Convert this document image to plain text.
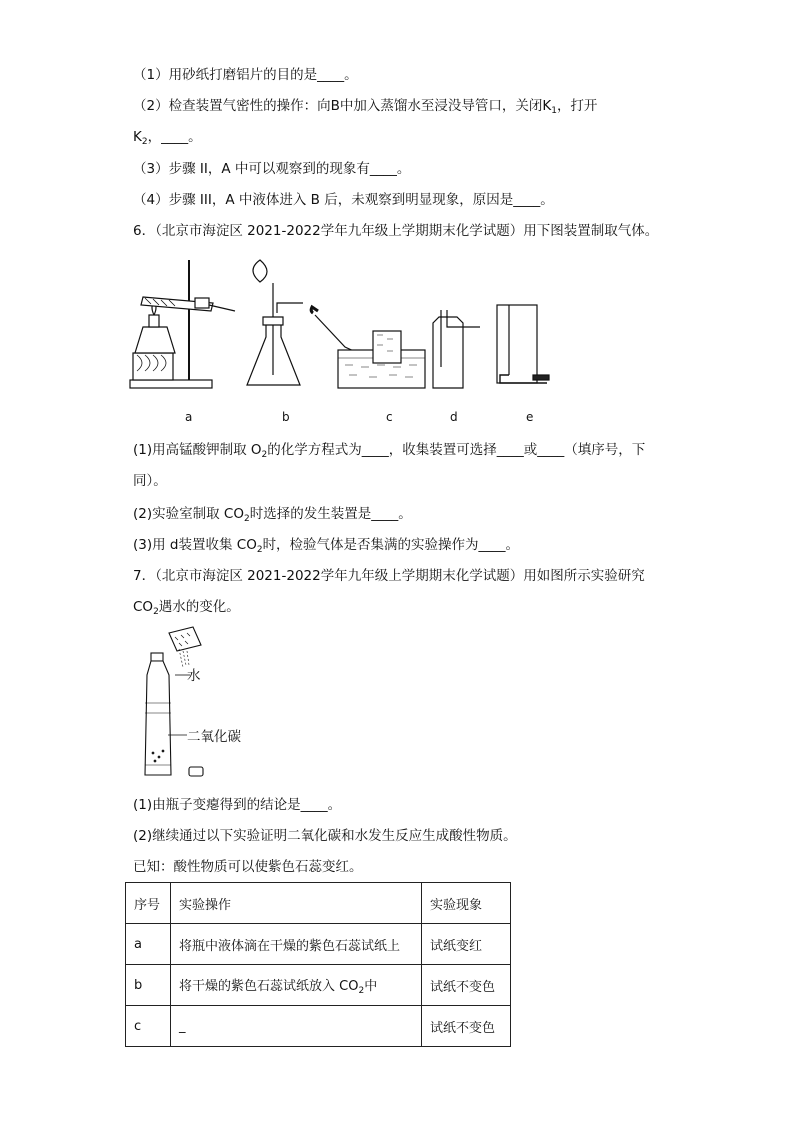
（1）用砂纸打磨铝片的目的是____。
（2）检查装置气密性的操作：向B中加入蒸馏水至浸没导管口，关闭$K_1$，打开
$K_2$，____。
（3）步骤 II，A 中可以观察到的现象有____。
（4）步骤 III，A 中液体进入 B 后，未观察到明显现象，原因是____。
6．（北京市海淀区 2021-2022学年九年级上学期期末化学试题）用下图装置制取气体。
a	b	c	d	e
(1)用高锰酸钾制取 $O_2$的化学方程式为____，收集装置可选择____或____（填序号，下
同）。
(2)实验室制取 $CO_2$时选择的发生装置是____。
(3)用 d装置收集 $CO_2$时，检验气体是否集满的实验操作为____。
7．（北京市海淀区 2021-2022学年九年级上学期期末化学试题）用如图所示实验研究
$CO_2$遇水的变化。
水
二氧化碳
(1)由瓶子变瘪得到的结论是____。
(2)继续通过以下实验证明二氧化碳和水发生反应生成酸性物质。
已知：酸性物质可以使紫色石蕊变红。
序号	实验操作	实验现象
a	将瓶中液体滴在干燥的紫色石蕊试纸上	试纸变红
b	将干燥的紫色石蕊试纸放入 $CO_2$中	试纸不变色
c	_	试纸不变色
